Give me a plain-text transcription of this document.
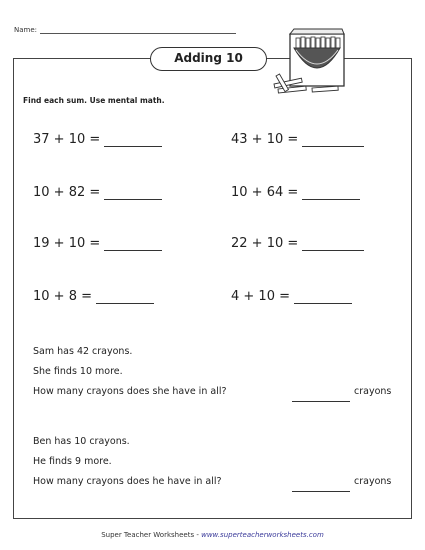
Name:
Adding 10
Find each sum. Use mental math.
37 + 10 =	43 + 10 =
10 + 82 =	10 + 64 =
19 + 10 =	22 + 10 =
10 + 8 =	4 + 10 =
Sam has 42 crayons.
She finds 10 more.
How many crayons does she have in all?	crayons
Ben has 10 crayons.
He finds 9 more.
How many crayons does he have in all?	crayons
Super Teacher Worksheets - www.superteacherworksheets.com
